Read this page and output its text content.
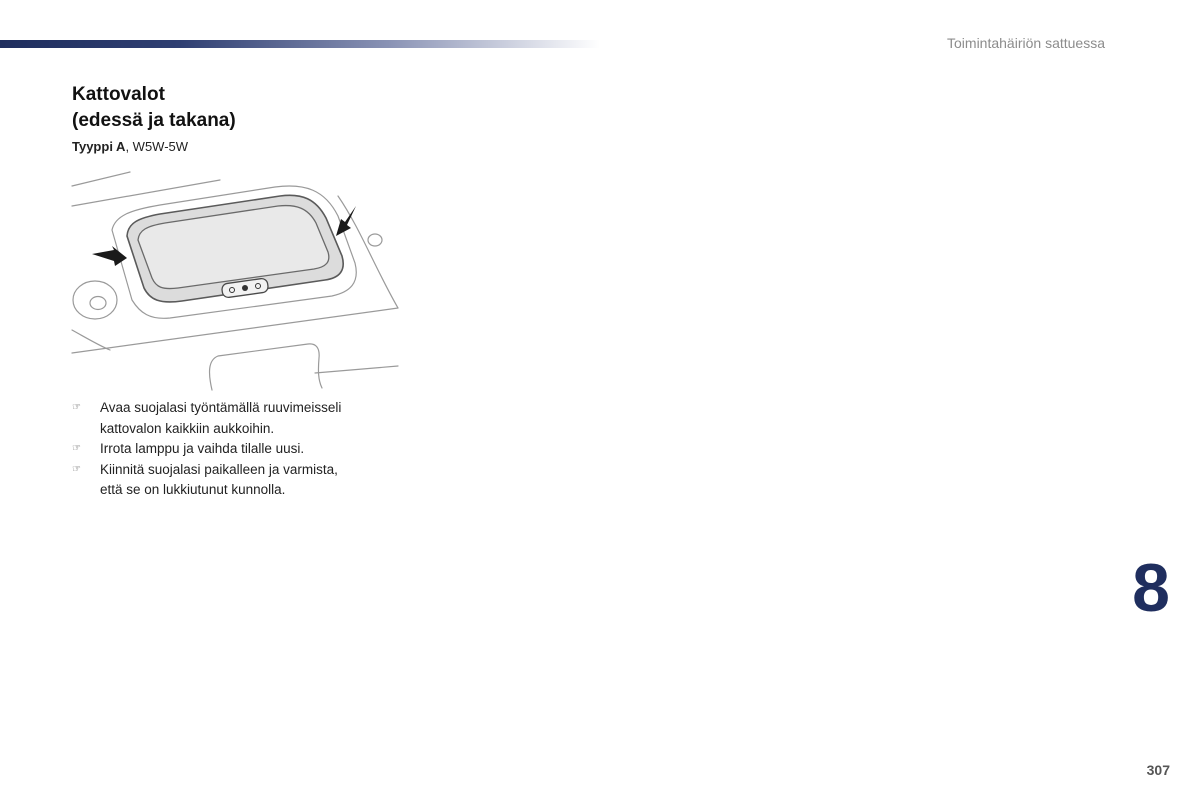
Toimintahäiriön sattuessa
Kattovalot
(edessä ja takana)
Tyyppi A, W5W-5W
☞ Avaa suojalasi työntämällä ruuvimeisseli
kattovalon kaikkiin aukkoihin.
☞ Irrota lamppu ja vaihda tilalle uusi.
☞ Kiinnitä suojalasi paikalleen ja varmista,
että se on lukkiutunut kunnolla.
8
307
